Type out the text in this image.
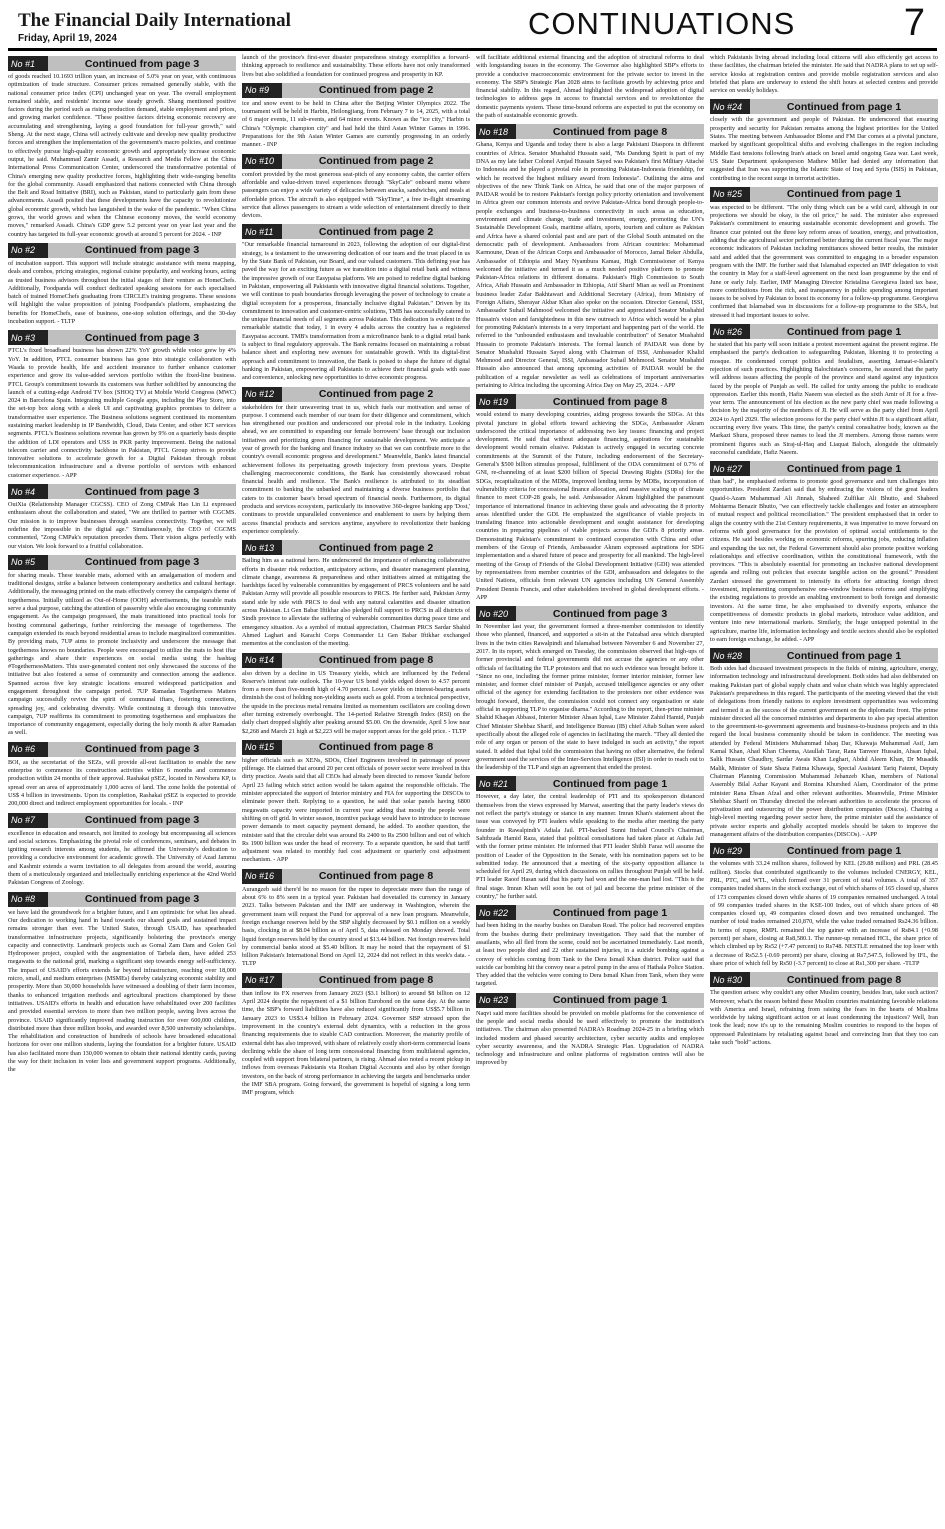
The Financial Daily International
Friday, April 19, 2024	CONTINUATIONS	7
No #1	Continued from page 3
of goods reached 10.1693 trillion yuan, an increase of 5.0% year on year, with continuous optimization of trade structure. Consumer prices remained generally stable, with the national consumer price index (CPI) unchanged year on year. The overall employment remained stable, and residents' income saw steady growth. Shang mentioned positive factors during the period such as rising production demand, stable employment and prices, and growing market confidence. "These positive factors driving economic recovery are accumulating and strengthening, laying a good foundation for full-year growth," said Sheng. At the next stage, China will actively cultivate and develop new quality productive forces and strengthen the implementation of the government's macro policies, and continue to effectively pursue high-quality economic growth and appropriately increase economic output, he said. Muhammad Zamir Assadi, a Research and Media Fellow at the China International Press Communication Center, underscored the transformative potential of China's emerging new quality productive forces, highlighting their wide-ranging benefits for the global community. Assadi emphasized that nations connected with China through the Belt and Road Initiative (BRI), such as Pakistan, stand to particularly gain from these advancements. Assadi posited that these developments have the capacity to revolutionize global economic growth, which has languished in the wake of the pandemic. "When China grows, the world grows and when the Chinese economy moves, the world economy moves," remarked Assadi. China's GDP grew 5.2 percent year on year last year and the country has targeted its full-year economic growth at around 5 percent for 2024. - INP
No #2	Continued from page 3
of incubation support. This support will include strategic assistance with menu mapping, deals and combos, pricing strategies, regional cuisine popularity, and working hours, acting as trusted business advisors throughout the initial stages of their venture as HomeChefs. Additionally, Foodpanda will conduct dedicated speaking sessions for each specialised batch of trained HomeChefs graduating from CIRCLE's training programs. These sessions will highlight the value proposition of joining Foodpanda's platform, emphasizing the benefits for HomeChefs, ease of business, one-stop solution offerings, and the 30-day incubation support. - TLTP
No #3	Continued from page 3
PTCL's fixed broadband business has shown 22% YoY growth while voice grew by 4% YoY. In addition, PTCL consumer business has gone into strategic collaboration with Waada to provide health, life and accident insurance to further enhance customer experience and grow its value-added services portfolio within the fixed-line business. PTCL Group's commitment towards its customers was further solidified by announcing the launch of a cutting-edge Android TV box (SHOQ TV) at Mobile World Congress (MWC) 2024 in Barcelona Spain. Integrating multiple Google apps, including the Play Store, into the set-top box along with a sleek UI and captivating graphics promises to deliver a transformative user experience. The Business solutions segment continued its momentum sustaining market leadership in IP Bandwidth, Cloud, Data Center, and other ICT services segments. PTCL's Business solutions revenue has grown by 9% on a quarterly basis despite the addition of LDI operators and USS in PKR parity improvement. Being the national telecom carrier and connectivity backbone in Pakistan, PTCL Group strives to provide innovative solutions to accelerate growth for a Digital Pakistan through robust telecommunication infrastructure and a diverse portfolio of services with enhanced customer experience. - APP
No #4	Continued from page 3
OuiXia (Relationship Manager CGCSS). CEO of Zong CMPak Hao Lin Li expressed enthusiasm about the collaboration and stated, "We are thrilled to partner with CGCMS. Our mission is to improve businesses through seamless connectivity. Together, we will redefine the impossible in the digital age." Simultaneously, the CEO of CGCMS commented, "Zong CMPak's reputation precedes them. Their vision aligns perfectly with our vision. We look forward to a fruitful collaboration.
No #5	Continued from page 3
for sharing meals. These tearable mats, adorned with an amalgamation of modern and traditional designs, strike a balance between contemporary aesthetics and cultural heritage. Additionally, the messaging printed on the mats effectively convey the campaign's theme of togetherness. Initially utilized as Out-of-Home (OOH) advertisements, the tearable mats serve a dual purpose, catching the attention of passersby while also encouraging community engagement. As the campaign progressed, the mats transitioned into practical tools for hosting communal gatherings, further reinforcing the message of togetherness. The campaign extended its reach beyond residential areas to include marginalized communities. By providing mats, 7UP aims to promote inclusivity and underscore the message that togetherness knows no boundaries. People were encouraged to utilize the mats to host iftar gatherings and share their experiences on social media using the hashtag #TogethernessMatters. This user-generated content not only showcased the success of the initiative but also fostered a sense of community and connection among the audience. Spanned across five key strategic locations ensured widespread participation and engagement throughout the campaign period. 7UP Ramadan Togetherness Matters campaign successfully revive the spirit of communal iftars, fostering connections, spreading joy, and celebrating diversity. While continuing it through this innovative campaign, 7UP reaffirms its commitment to promoting togetherness and emphasizes the importance of community engagement, especially during the holy month & after Ramadan as well.
No #6	Continued from page 3
BOI, as the secretariat of the SEZs, will provide all-out facilitation to enable the new enterprise to commence its construction activities within 6 months and commence production within 24 months of their approval. Rashakai pSEZ, located in Nowshera KP, is spread over an area of approximately 1,000 acres of land. The zone holds the potential of US$ 4 billion in investments. Upon its completion, Rashakai pSEZ is expected to provide 200,000 direct and indirect employment opportunities for locals. - INP
No #7	Continued from page 3
excellence in education and research, not limited to zoology but encompassing all sciences and social sciences. Emphasizing the pivotal role of conferences, seminars, and debates in igniting research interests among students, he affirmed the University's dedication to providing a conducive environment for academic growth. The University of Azad Jammu and Kashmir extends a warm invitation to all delegates from around the world, assuring them of a meticulously organized and intellectually enriching experience at the 42nd World Pakistan Congress of Zoology.
No #8	Continued from page 3
we have laid the groundwork for a brighter future, and I am optimistic for what lies ahead. Our dedication to working hand in hand towards our shared goals and sustained impact remains stronger than ever. The United States, through USAID, has spearheaded transformative infrastructure projects, significantly bolstering the province's energy capacity and connectivity. Landmark projects such as Gomal Zam Dam and Golen Gol Hydropower project, coupled with the augmentation of Tarbela dam, have added 253 megawatts to the national grid, marking a significant step towards energy self-sufficiency. The impact of USAID's efforts extends far beyond infrastructure, reaching over 18,000 micro, small, and medium enterprises (MSMEs) thereby catalyzing economic stability and prosperity. More than 30,000 households have witnessed a doubling of their farm incomes, thanks to enhanced irrigation methods and agricultural practices championed by these initiatives. USAID's efforts in health and education have rehabilitated over 200 facilities and provided essential services to more than two million people, saving lives across the province. USAID significantly improved reading instruction for over 600,000 children, distributed more than three million books, and awarded over 8,500 university scholarships. The rehabilitation and construction of hundreds of schools have broadened educational horizons for over one million students, laying the foundation for a brighter future. USAID has also facilitated more than 130,000 women to obtain their national identity cards, paving the way for their inclusion in voter lists and government support programs. Additionally, the
launch of the province's first-ever disaster preparedness strategy exemplifies a forward-thinking approach to resilience and sustainability. These efforts have not only transformed lives but also solidified a foundation for continued progress and prosperity in KP.
No #9	Continued from page 2
ice and snow event to be held in China after the Beijing Winter Olympics 2022. The tournament will be held in Harbin, Heilongjiang, from February 7 to 14, 2025, with a total of 6 major events, 11 sub-events, and 64 minor events. Known as the "ice city," Harbin is China's "Olympic champion city" and had held the third Asian Winter Games in 1996. Preparations for the 9th Asian Winter Games are currently progressing in an orderly manner. - INP
No #10	Continued from page 2
comfort provided by the most generous seat-pitch of any economy cabin, the carrier offers affordable and value-driven travel experiences through "SkyCafe" onboard menu where passengers can enjoy a wide variety of delicacies between snacks, sandwiches, and meals at affordable prices. The aircraft is also equipped with "SkyTime", a free in-flight streaming service that allows passengers to stream a wide selection of entertainment directly to their devices.
No #11	Continued from page 2
"Our remarkable financial turnaround in 2023, following the adoption of our digital-first strategy, is a testament to the unwavering dedication of our team and the trust placed in us by the State Bank of Pakistan, our Board, and our valued customers. This defining year has paved the way for an exciting future as we transition into a digital retail bank and witness the impressive growth of our Easypaisa platform. We are poised to redefine digital banking in Pakistan, empowering all Pakistanis with innovative digital financial solutions. Together, we will continue to push boundaries through leveraging the power of technology to create a digital ecosystem for a prosperous, financially inclusive digital Pakistan." Driven by its commitment to innovation and customer-centric solutions, TMB has successfully catered to the unique financial needs of all segments across Pakistan. This dedication is evident in the remarkable statistic that today, 1 in every 4 adults across the country has a registered Easypaisa account. TMB's transformation from a microfinance bank to a digital retail bank is subject to final regulatory approvals. The Bank remains focused on maintaining a robust balance sheet and exploring new avenues for sustainable growth. With its digital-first approach and commitment to innovation, the Bank is poised to shape the future of digital banking in Pakistan, empowering all Pakistanis to achieve their financial goals with ease and convenience, unlocking new opportunities to drive economic progress.
No #12	Continued from page 2
stakeholders for their unwavering trust in us, which fuels our motivation and sense of purpose. I commend each member of our team for their diligence and commitment, which has strengthened our position and underscored our pivotal role in the industry. Looking ahead, we are committed to expanding our female borrowers' base through our inclusion initiatives and prioritizing green financing for sustainable development. We anticipate a year of growth for the banking and finance industry so that we can contribute more to the country's overall economic progress and development." Meanwhile, Bank's latest financial achievement follows its perpetuating growth trajectory from previous years. Despite challenging macroeconomic conditions, the Bank has consistently showcased robust financial health and resilience. The Bank's resilience is attributed to its steadfast commitment to banking the unbanked and maintaining a diverse business portfolio that caters to its customer base's broad spectrum of financial needs. Furthermore, its digital products and services ecosystem, particularly its innovative 360-degree banking app 'Dost,' continues to provide unparalleled convenience and enablement to users by helping them access financial products and services anytime, anywhere to revolutionize their banking experience completely.
No #13	Continued from page 2
Bailing him as a national hero. He underscored the importance of enhancing collaborative efforts in disaster risk reduction, anticipatory actions, and disaster management planning, climate change, awareness & preparedness and other initiatives aimed at mitigating the hardships faced by vulnerable communities by engagement of PRCS volunteers and he said Pakistan Army will provide all possible resources to PRCS. He further said, Pakistan Army stand side by side with PRCS to deal with any natural calamities and disaster situation across Pakistan. Lt Gen Babar Iftikhar also pledged full support to PRCS in all districts of Sindh province to alleviate the suffering of vulnerable communities during peace time and emergency situation. As a symbol of mutual appreciation, Chairman PRCS Sardar Shahid Ahmed Laghari and Karachi Corps Commander Lt Gen Babar Iftikhar exchanged mementos at the conclusion of the meeting.
No #14	Continued from page 8
also driven by a decline in US Treasury yields, which are influenced by the Federal Reserve's interest rate outlook. The 10-year US bond yields edged down to 4.57 percent from a more than five-month high of 4.70 percent. Lower yields on interest-bearing assets diminish the cost of holding non-yielding assets such as gold. From a technical perspective, the upside in the precious metal remains limited as momentum oscillators are cooling down after turning extremely overbought. The 14-period Relative Strength Index (RSI) on the daily chart dropped slightly after peaking around $5.00. On the downside, April 5 low near $2,268 and March 21 high at $2,223 will be major support areas for the gold price. - TLTP
No #15	Continued from page 8
higher officials such as XENs, SDOs, Chief Engineers involved in patronage of power pilferage. He claimed that around 20 per cent officials of power sector were involved in this dirty practice. Awais said that all CEOs had already been directed to remove 'kunda' before April 23 failing which strict action would be taken against the responsible officials. The minister appreciated the support of Interior ministry and FIA for supporting the DISCOs to eliminate power theft. Replying to a question, he said that solar panels having 6800 megawatts capacity were imported in current year adding that mostly the people were shifting on off grid. In winter season, incentive package would have to introduce to increase power demands to meet capacity payment demand, he added. To another question, the minister said that the circular debt was around Rs 2400 to Rs 2500 billion and out of which Rs 1900 billion was under the head of recovery. To a separate question, he said that tariff adjustment was related to monthly fuel cost adjustment or quarterly cost adjustment mechanism. - APP
No #16	Continued from page 8
Aurangzeb said there'd be no reason for the rupee to depreciate more than the range of about 6% to 8% seen in a typical year. Pakistan had dovetailed its currency in January 2023. Talks between Pakistan and the IMF are underway in Washington, wherein the government team will request the Fund for approval of a new loan program. Meanwhile, foreign exchange reserves held by the SBP slightly decreased by $0.1 million on a weekly basis, clocking in at $8.04 billion as of April 5, data released on Monday showed. Total liquid foreign reserves held by the country stood at $13.44 billion. Net foreign reserves held by commercial banks stood at $5.40 billion. It may be noted that the repayment of $1 billion Pakistan's International Bond on April 12, 2024 did not reflect in this week's data. - TLTP
No #17	Continued from page 8
than inflow its FX reserves from January 2023 ($3.1 billion) to around $8 billion on 12 April 2024 despite the repayment of a $1 billion Eurobond on the same day. At the same time, the SBP's forward liabilities have also reduced significantly from US$5.7 billion in January 2023 to US$3.4 billion in February 2024. Governor SBP stressed upon the improvement in the country's external debt dynamics, with a reduction in the gross financing requirements due to sizable CAD contraction. Moreover, the maturity profile of external debt has also improved, with share of relatively costly short-term commercial loans declining while the share of long term concessional financing from multilateral agencies, coupled with support from bilateral partners, is rising. Ahmad also noted a recent pickup in inflows from overseas Pakistanis via Roshan Digital Accounts and also by other foreign investors, on the back of strong performance in achieving the targets and benchmarks under the IMF SBA program. Going forward, the government is hopeful of signing a long term IMF program, which
will facilitate additional external financing and the adoption of structural reforms to deal with longstanding issues in the economy. The Governor also highlighted SBP's efforts to provide a conducive macroeconomic environment for the private sector to invest in the economy. The SBP's Strategic Plan 2028 aims to facilitate growth by achieving price and financial stability. In this regard, Ahmad highlighted the widespread adoption of digital technologies to address gaps in access to financial services and to revolutionize the domestic payments system. These time-bound reforms are expected to put the economy on the path of sustainable economic growth.
No #18	Continued from page 8
Ghana, Kenya and Uganda and today there is also a large Pakistani Diaspora in different countries of Africa. Senator Mushahid Hussain said, "Ms Dandung Spirit is part of my DNA as my late father Colonel Amjad Hussain Sayed was Pakistan's first Military Attaché to Indonesia and he played a pivotal role in promoting Pakistan-Indonesia friendship, for which he received the highest military award from Indonesia". Outlining the aims and objectives of the new Think Tank on Africa, he said that one of the major purposes of PAIDAR would be to restore Pakistan's foreign policy priority orientation and involvement in Africa given our common interests and revive Pakistan-Africa bond through people-to-people exchanges and business-to-business connectivity in such areas as education, environment and climate change, trade and investment, energy, promoting the UN's Sustainable Development Goals, maritime affairs, sports, tourism and culture as Pakistan and Africa have a shared colonial past and are part of the Global South animated on the democratic path of development. Ambassadors from African countries: Mohammad Karmoune, Dean of the African Corps and Ambassador of Morocco, Jamal Beker Abdulla, Ambassador of Ethiopia and Mary Nyambura Kamau, High Commissioner of Kenya welcomed the initiative and termed it as a much needed positive platform to promote Pakistan-Africa relations in different domains. Pakistan's High Commission to South Africa, Aftab Hussain and Ambassador in Ethiopia, Atif Sharif Mian as well as Prominent business leader Zafar Bakhtawari and Additional Secretary (Africa), from Ministry of Foreign Affairs, Sherayar Akbar Khan also spoke on the occasion. Director General, ISSI, Ambassador Suhail Mahmood welcomed the initiative and appreciated Senator Mushahid Hussain's vision and farsightedness in this new outreach to Africa which would be a plus for promoting Pakistan's interests in a very important and happening part of the world. He referred to the "unbounded enthusiasm and invaluable contribution" of Senator Mushahid Hussain to promote Pakistan's interests. The formal launch of PAIDAR was done by Senator Mushahid Hussain Sayed along with Chairman of ISSI, Ambassador Khalid Mehmood and Director General, ISSI, Ambassador Suhail Mehmood. Senator Mushahid Hussain also announced that among upcoming activities of PAIDAR would be the publication of a regular newsletter as well as celebrations of important anniversaries pertaining to Africa including the upcoming Africa Day on May 25, 2024. - APP
No #19	Continued from page 8
would extend to many developing countries, aiding progress towards the SDGs. At this pivotal juncture in global efforts toward achieving the SDGs, Ambassador Akram underscored the critical importance of addressing two key issues: financing and project development. He said that without adequate financing, aspirations for sustainable development would remain elusive. Pakistan is actively engaged in securing concrete commitments at the Summit of the Future, including endorsement of the Secretary-General's $500 billion stimulus proposal, fulfillment of the ODA commitment of 0.7% of GNI, re-channeling of at least $200 billion of Special Drawing Rights (SDRs) for the SDGs, recapitalization of the MDBs, improved lending terms by MDBs, incorporation of vulnerability criteria for concessional finance allocation, and massive scaling up of climate finance to meet COP-28 goals, he said. Ambassador Akram highlighted the paramount importance of international finance in achieving these goals and advocating the 8 priority areas identified under the GDI. He emphasized the significance of viable projects in translating finance into actionable development and sought assistance for developing countries in preparing pipelines of viable projects across the GDI's 8 priority areas. Demonstrating Pakistan's commitment to continued cooperation with China and other members of the Group of Friends, Ambassador Akram expressed aspirations for SDG implementation and a shared future of peace and prosperity for all mankind. The high-level meeting of the Group of Friends of the Global Development Initiative (GDI) was attended by representatives from member countries of the GDI, ambassadors and delegates to the United Nations, officials from relevant UN agencies including UN General Assembly President Dennis Francis, and other stakeholders involved in global development efforts. - APP
No #20	Continued from page 3
In November last year, the government formed a three-member commission to identify those who planned, financed, and supported a sit-in at the Faizabad area which disrupted lives in the twin cities Rawalpindi and Islamabad between November 6 and November 27, 2017. In its report, which emerged on Tuesday, the commission observed that high-ups of former provincial and federal governments did not accuse the agencies or any other officials of facilitating the TLP protestors and that no such evidence was brought before it. "Since no one, including the former prime minister, former interior minister, former law minister, and former chief minister of Punjab, accused intelligence agencies or any other official of the agency for extending facilitation to the protesters nor other evidence was brought forward, therefore, the commission could not connect any organisation or state official in supporting TLP to organise dharna." According to the report, then-prime minister Shahid Khaqan Abbassi, Interior Minister Ahsan Iqbal, Law Minister Zahid Hamid, Punjab Chief Minister Shehbaz Sharif, and Intelligence Bureau (IB) chief Aftab Sultan were asked specifically about the alleged role of agencies in facilitating the march. "They all denied the role of any organ or person of the state to have indulged in such an activity," the report stated. It added that Iqbal told the commission that having no other alternative, the federal government used the services of the Inter-Services Intelligence (ISI) in order to reach out to the leadership of the TLP and sign an agreement that ended the protest.
No #21	Continued from page 1
However, a day later, the central leadership of PTI and its spokesperson distanced themselves from the views expressed by Marwat, asserting that the party leader's views do not reflect the party's strategy or stance in any manner. Imran Khan's statement about the issue was conveyed by PTI leaders while speaking to the media after meeting the party founder in Rawalpindi's Adiala Jail. PTI-backed Sunni Ittehad Council's Chairman, Sahibzada Hamid Raza, stated that political consultations had taken place at Adiala Jail with the former prime minister. He informed that PTI leader Shibli Faraz will assume the position of Leader of the Opposition in the Senate, with his nomination papers set to be submitted today. He announced that a meeting of the six-party opposition alliance is scheduled for April 29, during which discussions on rallies throughout Punjab will be held. PTI leader Raoof Hasan said that his party had won and the one-man had lost. "This is the final stage. Imran Khan will soon be out of jail and become the prime minister of the country," he further said.
No #22	Continued from page 1
had been hiding in the nearby bushes on Daraban Road. The police had recovered empties from the bushes during their preliminary investigation. They said that the number of assailants, who all fled from the scene, could not be ascertained immediately. Last month, at least two people died and 22 other sustained injuries, in a suicide bombing against a convoy of vehicles coming from Tank to the Dera Ismail Khan district. Police said that suicide car bombing hit the convoy near a petrol pump in the area of Hathala Police Station. They added that the vehicles were coming to Dera Ismail Khan from Tank, when they were targeted.
No #23	Continued from page 1
Naqvi said more facilities should be provided on mobile platforms for the convenience of the people and social media should be used effectively to promote the institution's initiatives. The chairman also presented NADRA's Roadmap 2024-25 in a briefing which included modern and phased security architecture, cyber security audits and employee cyber security awareness, and the NADRA Strategic Plan. Upgradation of NADRA technology and infrastructure and online platforms of registration centres will also be improved by
which Pakistanis living abroad including local citizens will also efficiently get access to these facilities, the chairman briefed the minister. He said that NADRA plans to set up self-service kiosks at registration centres and provide mobile registration services and also briefed that plans are underway to extend the shift hours at selected centres and provide service on weekly holidays.
No #24	Continued from page 1
closely with the government and people of Pakistan. He underscored that ensuring prosperity and security for Pakistan remains among the highest priorities for the United States. The meeting between Ambassador Blome and FM Dar comes at a pivotal juncture, marked by significant geopolitical shifts and evolving challenges in the region including Middle East tensions following Iran's attack on Israel amid ongoing Gaza war. Last week, US State Department spokesperson Mathew Miller had denied any information that suggested that Iran was supporting the Islamic State of Iraq and Syria (ISIS) in Pakistan, contributing to the recent surge in terrorist activities.
No #25	Continued from page 1
was expected to be different. "The only thing which can be a wild card, although in our projections we should be okay, is the oil price," he said. The minister also expressed Pakistan's commitment to ensuring sustainable economic development and growth. The finance czar pointed out the three key reform areas of taxation, energy, and privatization, adding that the agricultural sector performed better during the current fiscal year. The major economic indicators of Pakistan including remittances showed better results, the minister said and added that the government was committed to engaging in a broader expansion program with the IMF. He further said that Islamabad expected an IMF delegation to visit the country in May for a staff-level agreement on the next loan programme by the end of June or early July. Earlier, IMF Managing Director Kristalina Georgieva listed tax base, more contributions from the rich, and transparency in public spending among important issues to be solved by Pakistan to boost its economy for a follow-up programme. Georgieva confirmed that Islamabad was in discussions for a follow-up programme to the SBA, but stressed it had important issues to solve.
No #26	Continued from page 1
he stated that his party will soon initiate a protest movement against the present regime. He emphasised the party's dedication to safeguarding Pakistan, likening it to protecting a mosque. He condemned corrupt politics and feudalism, asserting Jamaat-e-Islami's rejection of such practices. Highlighting Balochistan's concerns, he assured that the party will address issues affecting the people of the province and stand against any injustices faced by the people of Punjab as well. He called for unity among the public to eradicate oppression. Earlier this month, Hafiz Naeem was elected as the sixth Amir of JI for a five-year term. The announcement of his election as the new party chief was made following a decision by the majority of the members of JI. He will serve as the party chief from April 2024 to April 2029. The selection process for the party chief within JI is a significant affair, occurring every five years. This time, the party's central consultative body, known as the Markazi Shura, proposed three names to lead the JI members. Among those names were prominent figures such as Siraj-ul-Haq and Liaquat Baloch, alongside the ultimately successful candidate, Hafiz Naeem.
No #27	Continued from page 1
than bad", he emphasised reforms to promote good governance and turn challenges into opportunities. President Zardari said that by embracing the visions of the great leaders Quaid-i-Azam Muhammad Ali Jinnah, Shaheed Zulfikar Ali Bhutto, and Shaheed Mohtarma Benazir Bhutto, "we can effectively tackle challenges and foster an atmosphere of mutual respect and political reconciliation." The president emphasised that in order to align the country with the 21st Century requirements, it was imperative to move forward on reforms with good governance for the provision of optimal social entitlements to the citizens. He said besides working on economic reforms, spurring jobs, reducing inflation and expanding the tax net, the Federal Government should also promote positive working relationships and effective coordination, within the constitutional framework, with the provinces. "This is absolutely essential for promoting an inclusive national development agenda and rolling out policies that execute tangible action on the ground." President Zardari stressed the government to intensify its efforts for attracting foreign direct investment, implementing comprehensive one-window business reforms and simplifying the existing regulations to provide an enabling environment to both foreign and domestic investors. At the same time, he also emphasised to diversify exports, enhance the competitiveness of domestic products in global markets, introduce value addition, and venture into new international markets. Similarly, the huge untapped potential in the agriculture, marine life, information technology and textile sectors should also be exploited to earn foreign exchange, he added. - APP
No #28	Continued from page 1
Both sides had discussed investment prospects in the fields of mining, agriculture, energy, information technology and infrastructural development. Both sides had also deliberated on making Pakistan part of global supply chain and value chain which was highly appreciated Pakistan's preparedness in this regard. The participants of the meeting viewed that the visit of delegations from friendly nations to explore investment opportunities was welcoming and termed it as the success of the current government on the diplomatic front. The prime minister directed all the concerned ministries and departments to also pay special attention to the government-to-government agreements and business-to-business projects and in this regard the local business community should be taken in confidence. The meeting was attended by Federal Ministers Muhammad Ishaq Dar, Khawaja Muhammad Asif, Jam Kamal Khan, Ahad Khan Cheema, Ataullah Tarar, Rana Tanveer Hussain, Ahsan Iqbal, Salik Hussain Chaudhry, Sardar Awais Khan Leghari, Abdul Aleem Khan, Dr Musadik Malik, Minister of State Shaza Fatima Khawaja, Special Assistant Tariq Fatemi, Deputy Chairman Planning Commission Muhammad Jehanzeb Khan, members of National Assembly Bilal Azhar Kayani and Romina Khurshed Alam, Coordinator of the prime minister Rana Ehsan Afzal and other relevant authorities. Meanwhile, Prime Minister Shehbaz Sharif on Thursday directed the relevant authorities to accelerate the process of privatization and outsourcing of the power distribution companies (Discos). Chairing a high-level meeting regarding power sector here, the prime minister said the assistance of private sector experts and globally accepted models should be taken to improve the management affairs of the distribution companies (DISCOs). - APP
No #29	Continued from page 1
the volumes with 33.24 million shares, followed by KEL (29.88 million) and PRL (28.45 million). Stocks that contributed significantly to the volumes included CNERGY, KEL, PRL, PTC, and WTL, which formed over 31 percent of total volumes. A total of 357 companies traded shares in the stock exchange, out of which shares of 165 closed up, shares of 173 companies closed down while shares of 19 companies remained unchanged. A total of 99 companies traded shares in the KSE-100 Index, out of which share prices of 48 companies closed up, 49 companies closed down and two remained unchanged. The number of total trades remained 210,870, while the value traded remained Rs24.36 billion. In terms of rupee, RMPL remained the top gainer with an increase of Rs84.1 (+0.98 percent) per share, closing at Rs8,580.1. The runner-up remained HCL, the share price of which climbed up by Rs52 (+7.47 percent) to Rs748. NESTLE remained the top loser with a decrease of Rs52.5 (-0.69 percent) per share, closing at Rs7,547.5, followed by IFL, the share price of which fell by Rs50 (-3.7 percent) to close at Rs1,300 per share. -TLTP
No #30	Continued from page 8
The question arises: why couldn't any other Muslim country, besides Iran, take such action? Moreover, what's the reason behind these Muslim countries maintaining favorable relations with America and Israel, refraining from raising the fears in the hearts of Muslims worldwide by taking significant action or at least condemning the injustices? Well, Iran took the lead; now it's up to the remaining Muslim countries to respond to the hopes of oppressed Palestinians by retaliating against Israel and convincing Iran that they too can take such "bold" actions.
